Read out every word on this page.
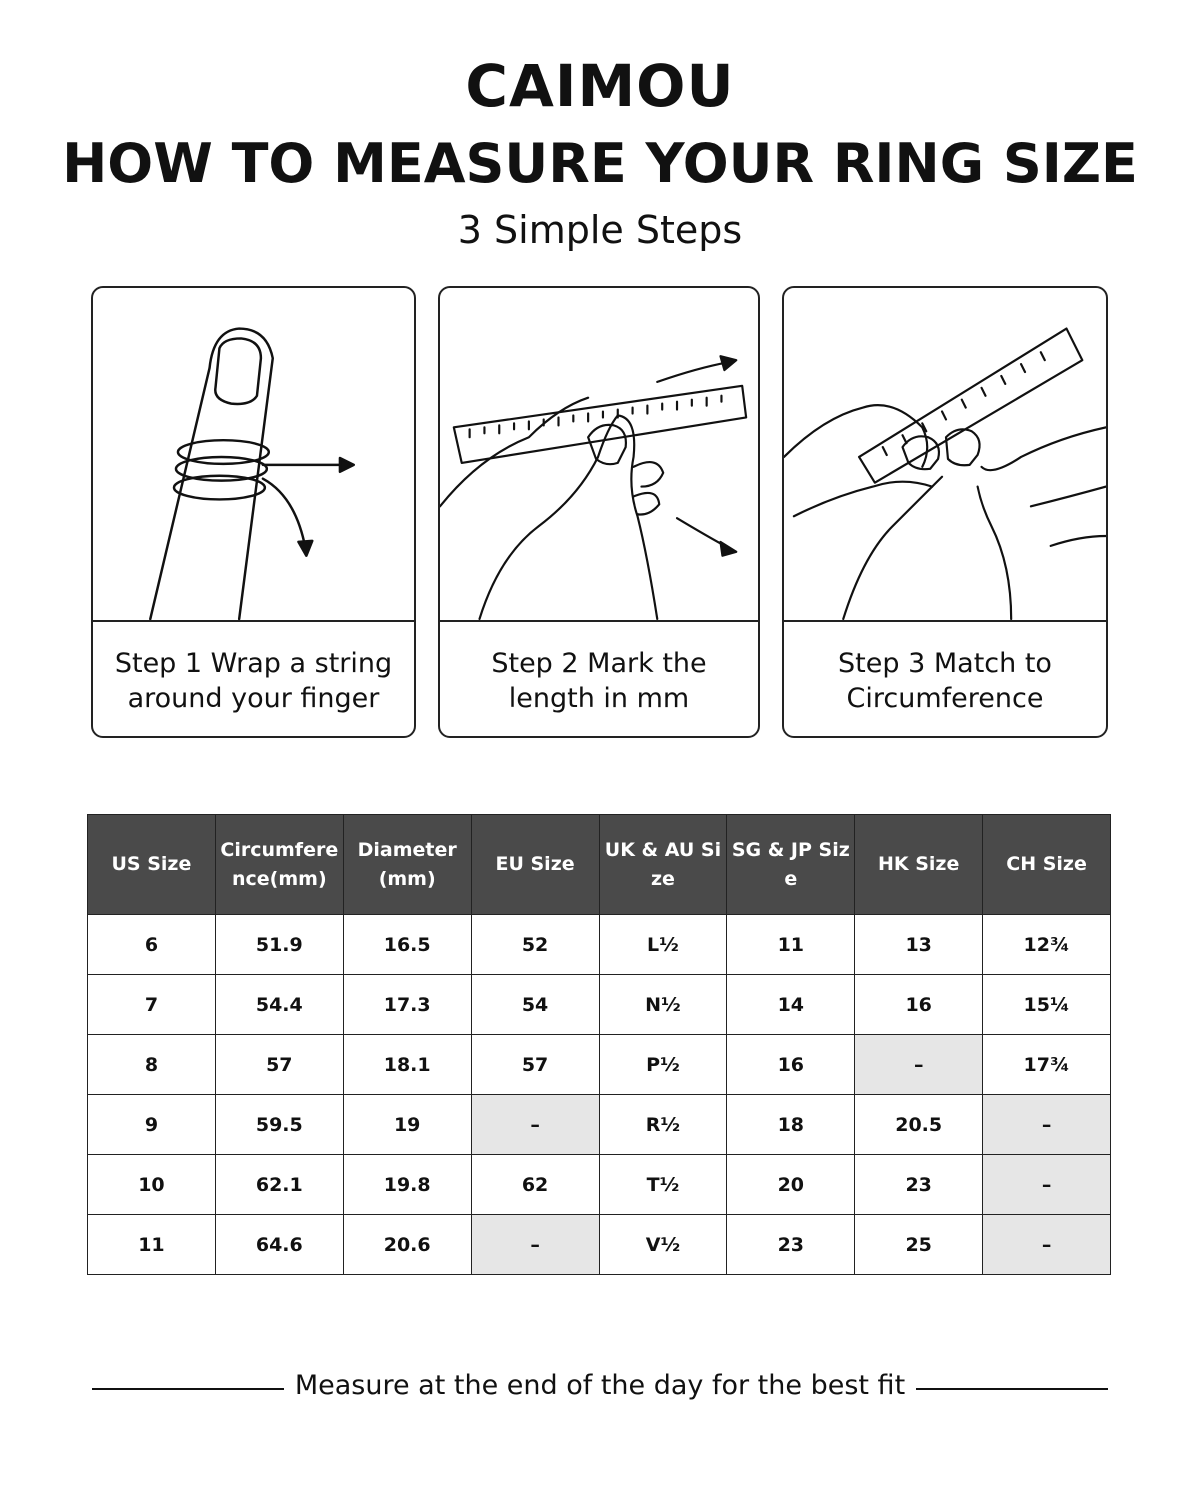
CAIMOU
HOW TO MEASURE YOUR RING SIZE
3 Simple Steps
Step 1 Wrap a string
around your finger
Step 2 Mark the
length in mm
Step 3 Match to
Circumference
US Size	Circumference(mm)	Diameter(mm)	EU Size	UK & AU Size	SG & JP Size	HK Size	CH Size
6	51.9	16.5	52	L½	11	13	12¾
7	54.4	17.3	54	N½	14	16	15¼
8	57	18.1	57	P½	16	–	17¾
9	59.5	19	–	R½	18	20.5	–
10	62.1	19.8	62	T½	20	23	–
11	64.6	20.6	–	V½	23	25	–
Measure at the end of the day for the best fit
